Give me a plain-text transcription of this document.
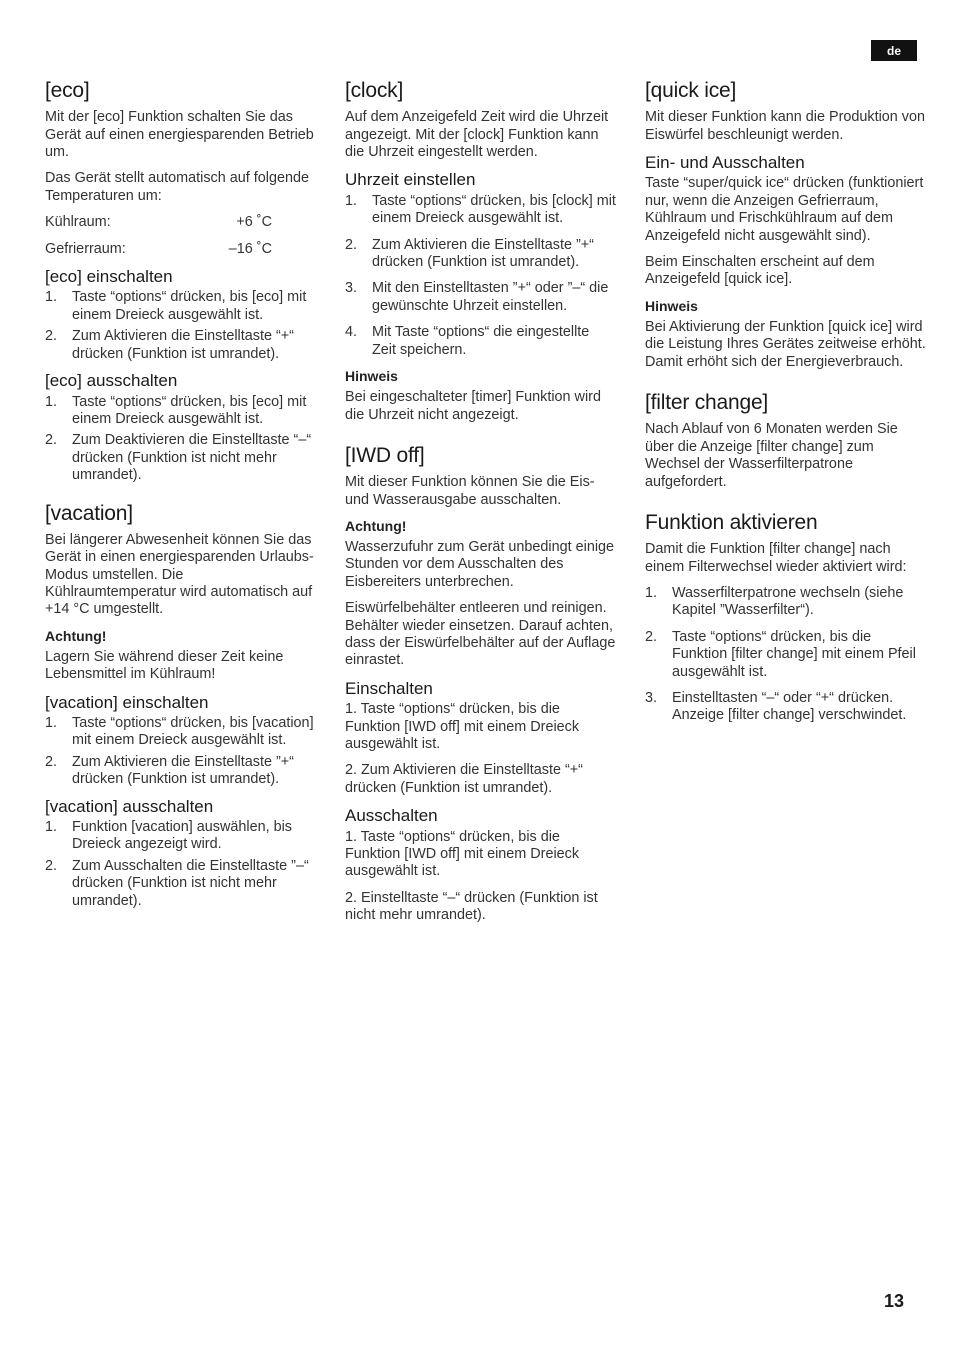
de
[eco]

Mit der [eco] Funktion schalten Sie das Gerät auf einen energiesparenden Betrieb um.

Das Gerät stellt automatisch auf folgende Temperaturen um:

Kühlraum:	+6 ˚C
Gefrierraum:	–16 ˚C
[eco] einschalten
1.	Taste “options“ drücken, bis [eco] mit einem Dreieck ausgewählt ist.
2.	Zum Aktivieren die Einstelltaste “+“ drücken (Funktion ist umrandet).
[eco] ausschalten
1.	Taste “options“ drücken, bis [eco] mit einem Dreieck ausgewählt ist.
2.	Zum Deaktivieren die Einstelltaste “–“ drücken (Funktion ist nicht mehr umrandet).
[vacation]

Bei längerer Abwesenheit können Sie das Gerät in einen energiesparenden Urlaubs-Modus umstellen. Die Kühlraumtemperatur wird automatisch auf +14 °C umgestellt.

Achtung!

Lagern Sie während dieser Zeit keine Lebensmittel im Kühlraum!

[vacation] einschalten
1.	Taste “options“ drücken, bis [vacation] mit einem Dreieck ausgewählt ist.
2.	Zum Aktivieren die Einstelltaste ”+“ drücken (Funktion ist umrandet).
[vacation] ausschalten
1.	Funktion [vacation] auswählen, bis Dreieck angezeigt wird.
2.	Zum Ausschalten die Einstelltaste ”–“ drücken (Funktion ist nicht mehr umrandet).
[clock]

Auf dem Anzeigefeld Zeit wird die Uhrzeit angezeigt. Mit der [clock] Funktion kann die Uhrzeit eingestellt werden.

Uhrzeit einstellen
1.	Taste “options“ drücken, bis [clock] mit einem Dreieck ausgewählt ist.
2.	Zum Aktivieren die Einstelltaste ”+“ drücken (Funktion ist umrandet).
3.	Mit den Einstelltasten ”+“ oder ”–“ die gewünschte Uhrzeit einstellen.
4.	Mit Taste “options“ die eingestellte Zeit speichern.
Hinweis

Bei eingeschalteter [timer] Funktion wird die Uhrzeit nicht angezeigt.

[IWD off]

Mit dieser Funktion können Sie die Eis- und Wasserausgabe ausschalten.

Achtung!

Wasserzufuhr zum Gerät unbedingt einige Stunden vor dem Ausschalten des Eisbereiters unterbrechen.

Eiswürfelbehälter entleeren und reinigen. Behälter wieder einsetzen. Darauf achten, dass der Eiswürfelbehälter auf der Auflage einrastet.

Einschalten

1. Taste “options“ drücken, bis die Funktion [IWD off] mit einem Dreieck ausgewählt ist.

2. Zum Aktivieren die Einstelltaste “+“ drücken (Funktion ist umrandet).

Ausschalten

1. Taste “options“ drücken, bis die Funktion [IWD off] mit einem Dreieck ausgewählt ist.

2. Einstelltaste “–“ drücken (Funktion ist nicht mehr umrandet).

[quick ice]

Mit dieser Funktion kann die Produktion von Eiswürfel beschleunigt werden.

Ein- und Ausschalten

Taste “super/quick ice“ drücken (funktioniert nur, wenn die Anzeigen Gefrierraum, Kühlraum und Frischkühlraum auf dem Anzeigefeld nicht ausgewählt sind).

Beim Einschalten erscheint auf dem Anzeigefeld [quick ice].

Hinweis

Bei Aktivierung der Funktion [quick ice] wird die Leistung Ihres Gerätes zeitweise erhöht. Damit erhöht sich der Energieverbrauch.

[filter change]

Nach Ablauf von 6 Monaten werden Sie über die Anzeige [filter change] zum Wechsel der Wasserfilterpatrone aufgefordert.

Funktion aktivieren

Damit die Funktion [filter change] nach einem Filterwechsel wieder aktiviert wird:

1.	Wasserfilterpatrone wechseln (siehe Kapitel ”Wasserfilter“).
2.	Taste “options“ drücken, bis die Funktion [filter change] mit einem Pfeil ausgewählt ist.
3.	Einstelltasten “–“ oder “+“ drücken. Anzeige [filter change] verschwindet.
13
